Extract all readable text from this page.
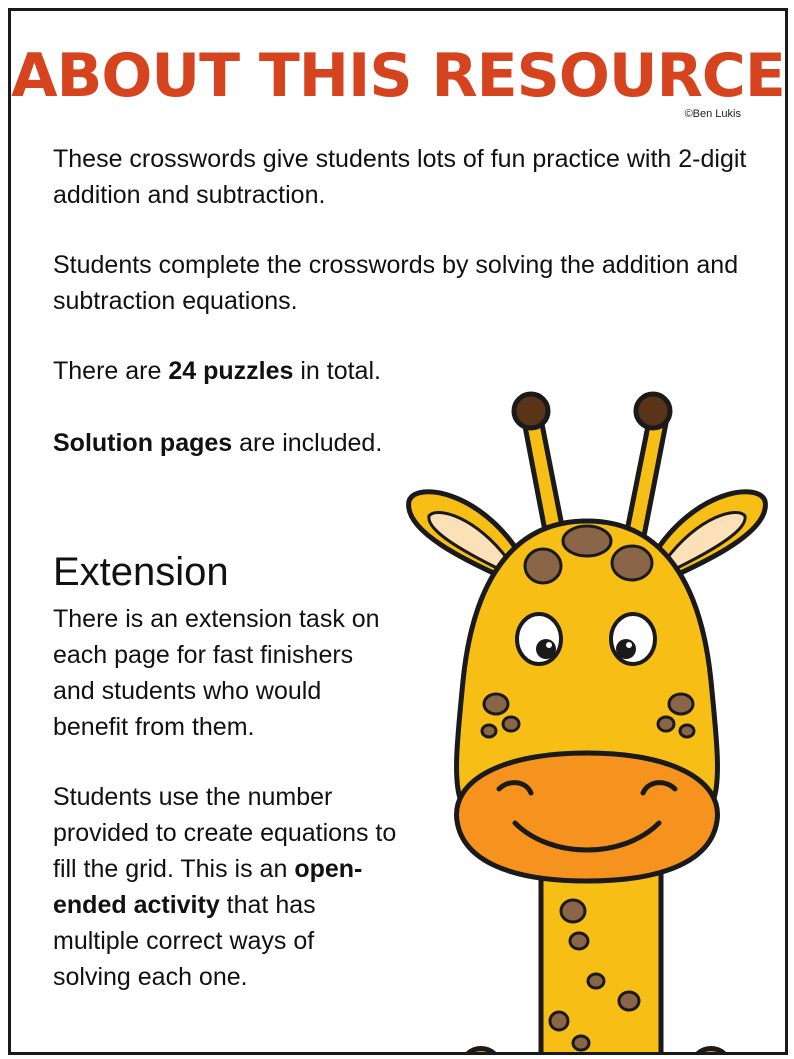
ABOUT THIS RESOURCE
©Ben Lukis

These crosswords give students lots of fun practice with 2-digit addition and subtraction.

Students complete the crosswords by solving the addition and subtraction equations.

There are 24 puzzles in total.

Solution pages are included.

Extension

There is an extension task on each page for fast finishers and students who would benefit from them.

Students use the number provided to create equations to fill the grid. This is an open-ended activity that has multiple correct ways of solving each one.
